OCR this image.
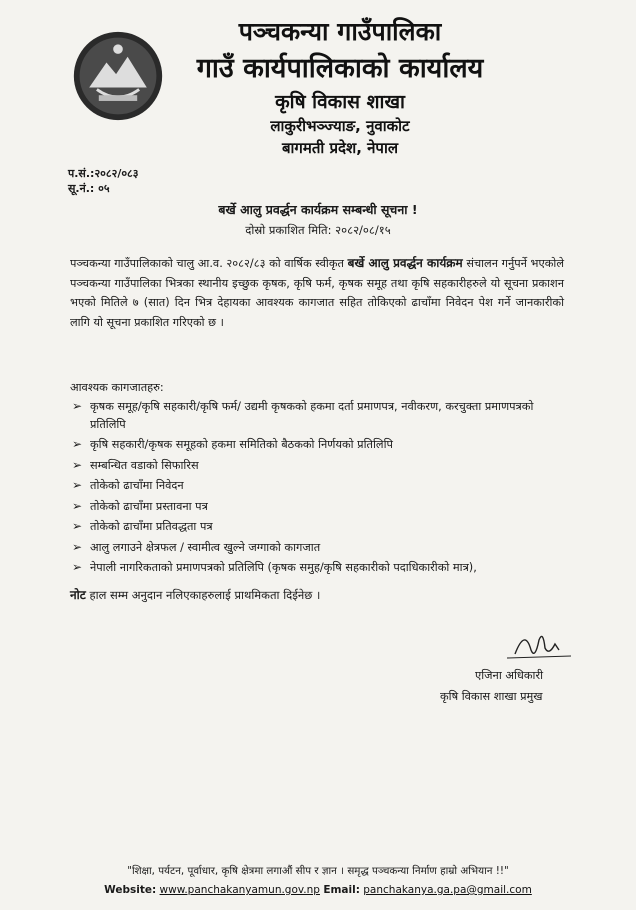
पञ्चकन्या गाउँपालिका
गाउँ कार्यपालिकाको कार्यालय
कृषि विकास शाखा
लाकुरीभञ्ज्याङ, नुवाकोट
बागमती प्रदेश, नेपाल
प.सं.:२०८२/०८३
सू.नं.: ०५
बर्खे आलु प्रवर्द्धन कार्यक्रम सम्बन्धी सूचना !
दोस्रो प्रकाशित मिति: २०८२/०८/१५

पञ्चकन्या गाउँपालिकाको चालु आ.व. २०८२/८३ को वार्षिक स्वीकृत बर्खे आलु प्रवर्द्धन कार्यक्रम संचालन गर्नुपर्ने भएकोले पञ्चकन्या गाउँपालिका भित्रका स्थानीय इच्छुक कृषक, कृषि फर्म, कृषक समूह तथा कृषि सहकारीहरुले यो सूचना प्रकाशन भएको मितिले ७ (सात) दिन भित्र देहायका आवश्यक कागजात सहित तोकिएको ढाचाँमा निवेदन पेश गर्ने जानकारीको लागि यो सूचना प्रकाशित गरिएको छ ।

आवश्यक कागजातहरु:
➢ कृषक समूह/कृषि सहकारी/कृषि फर्म/ उद्यमी कृषकको हकमा दर्ता प्रमाणपत्र, नवीकरण, करचुक्ता प्रमाणपत्रको प्रतिलिपि
➢ कृषि सहकारी/कृषक समूहको हकमा समितिको बैठकको निर्णयको प्रतिलिपि
➢ सम्बन्धित वडाको सिफारिस
➢ तोकेको ढाचाँमा निवेदन
➢ तोकेको ढाचाँमा प्रस्तावना पत्र
➢ तोकेको ढाचाँमा प्रतिवद्धता पत्र
➢ आलु लगाउने क्षेत्रफल / स्वामीत्व खुल्ने जग्गाको कागजात
➢ नेपाली नागरिकताको प्रमाणपत्रको प्रतिलिपि (कृषक समुह/कृषि सहकारीको पदाधिकारीको मात्र),
नोट हाल सम्म अनुदान नलिएकाहरुलाई प्राथमिकता दिईनेछ ।
एजिना अधिकारी
कृषि विकास शाखा प्रमुख
"शिक्षा, पर्यटन, पूर्वाधार, कृषि क्षेत्रमा लगाऔं सीप र ज्ञान । समृद्ध पञ्चकन्या निर्माण हाम्रो अभियान !!"
Website: www.panchakanyamun.gov.np Email: panchakanya.ga.pa@gmail.com
